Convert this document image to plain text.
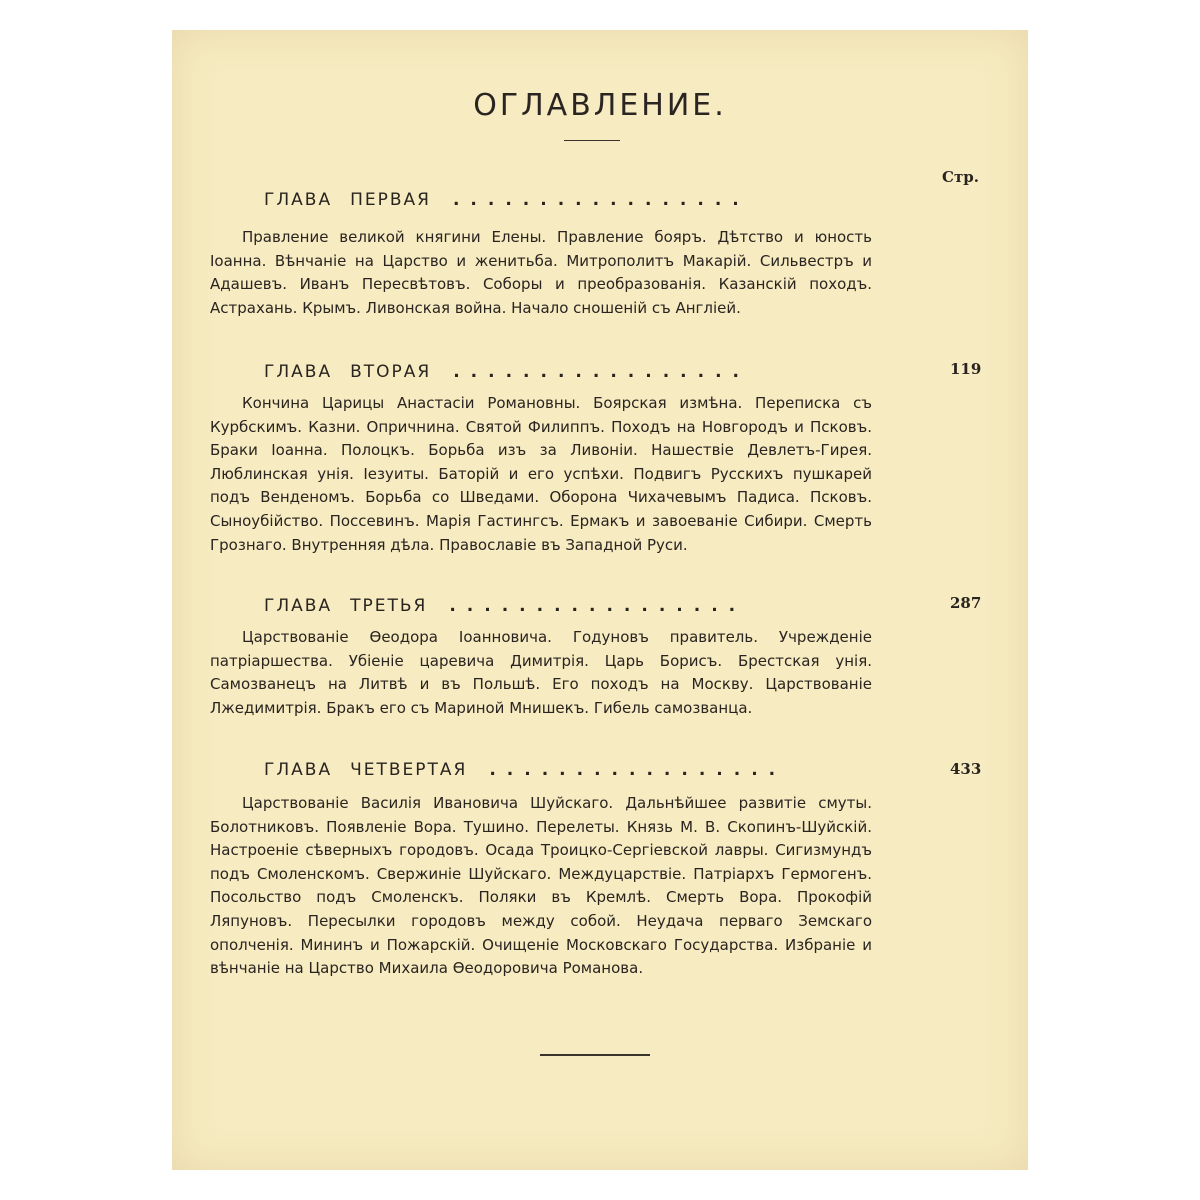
ОГЛАВЛЕНИЕ.
Стр.
ГЛАВА ПЕРВАЯ .................
Правление великой княгини Елены. Правление бояръ. Дѣтство и юность Іоанна. Вѣнчаніе на Царство и женитьба. Митрополитъ Макарій. Сильвестръ и Адашевъ. Иванъ Пересвѣтовъ. Соборы и преобразованія. Казанскій походъ. Астрахань. Крымъ. Ливонская война. Начало сношеній съ Англіей.
ГЛАВА ВТОРАЯ .................	119
Кончина Царицы Анастасіи Романовны. Боярская измѣна. Переписка съ Курбскимъ. Казни. Опричнина. Святой Филиппъ. Походъ на Новгородъ и Псковъ. Браки Іоанна. Полоцкъ. Борьба изъ за Ливоніи. Нашествіе Девлетъ-Гирея. Люблинская унія. Іезуиты. Баторій и его успѣхи. Подвигъ Русскихъ пушкарей подъ Венденомъ. Борьба со Шведами. Оборона Чихачевымъ Падиса. Псковъ. Сыноубійство. Поссевинъ. Марія Гастингсъ. Ермакъ и завоеваніе Сибири. Смерть Грознаго. Внутренняя дѣла. Православіе въ Западной Руси.
ГЛАВА ТРЕТЬЯ .................	287
Царствованіе Ѳеодора Іоанновича. Годуновъ правитель. Учрежденіе патріаршества. Убіеніе царевича Димитрія. Царь Борисъ. Брестская унія. Самозванецъ на Литвѣ и въ Польшѣ. Его походъ на Москву. Царствованіе Лжедимитрія. Бракъ его съ Мариной Мнишекъ. Гибель самозванца.
ГЛАВА ЧЕТВЕРТАЯ .................	433
Царствованіе Василія Ивановича Шуйскаго. Дальнѣйшее развитіе смуты. Болотниковъ. Появленіе Вора. Тушино. Перелеты. Князь М. В. Скопинъ-Шуйскій. Настроеніе сѣверныхъ городовъ. Осада Троицко-Сергіевской лавры. Сигизмундъ подъ Смоленскомъ. Свержиніе Шуйскаго. Междуцарствіе. Патріархъ Гермогенъ. Посольство подъ Смоленскъ. Поляки въ Кремлѣ. Смерть Вора. Прокофій Ляпуновъ. Пересылки городовъ между собой. Неудача перваго Земскаго ополченія. Мининъ и Пожарскій. Очищеніе Московскаго Государства. Избраніе и вѣнчаніе на Царство Михаила Ѳеодоровича Романова.
